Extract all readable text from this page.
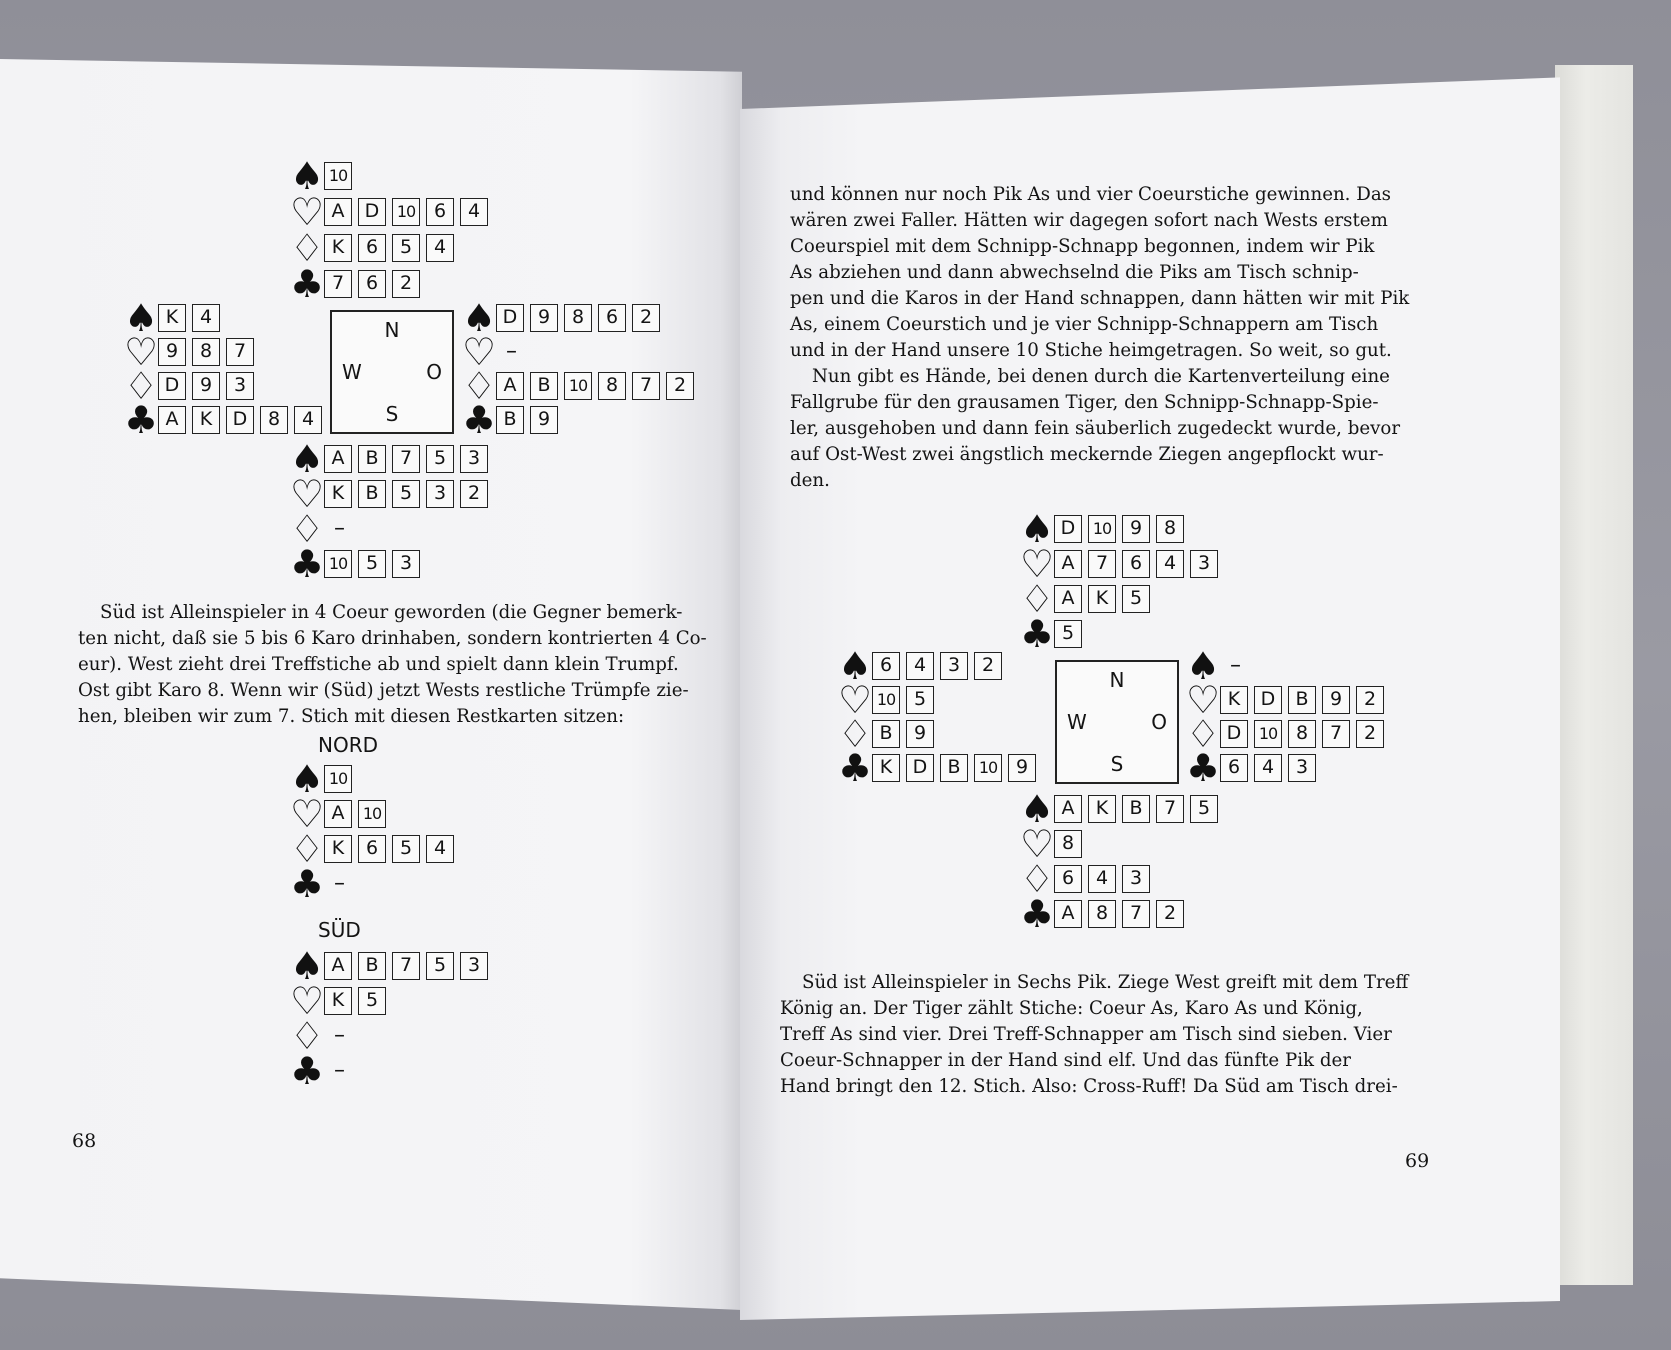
♠ 10
♡ A	D	10 6	4
♢ K	6	5	4
♣ 7	6	2
♠ K	4
♡ 9	8	7
♢ D	9	3
♣ A	K	D	8	4
♠ D	9	8	6	2
♡ –
♢ A	B	10 8	7	2
♣ B	9
♠ A	B	7	5	3
♡ K	B	5	3	2
♢ –
♣ 10 5	3
N
W	O
S

Süd ist Alleinspieler in 4 Coeur geworden (die Gegner bemerk-

ten nicht, daß sie 5 bis 6 Karo drinhaben, sondern kontrierten 4 Co-

eur). West zieht drei Treffstiche ab und spielt dann klein Trumpf.

Ost gibt Karo 8. Wenn wir (Süd) jetzt Wests restliche Trümpfe zie-

hen, bleiben wir zum 7. Stich mit diesen Restkarten sitzen:

NORD
SÜD
♠ 10
♡ A	10
♢ K	6	5	4
♣ –
♠ A	B	7	5	3
♡ K	5
♢ –
♣ –
68

und können nur noch Pik As und vier Coeurstiche gewinnen. Das

wären zwei Faller. Hätten wir dagegen sofort nach Wests erstem

Coeurspiel mit dem Schnipp-Schnapp begonnen, indem wir Pik

As abziehen und dann abwechselnd die Piks am Tisch schnip-

pen und die Karos in der Hand schnappen, dann hätten wir mit Pik

As, einem Coeurstich und je vier Schnipp-Schnappern am Tisch

und in der Hand unsere 10 Stiche heimgetragen. So weit, so gut.

Nun gibt es Hände, bei denen durch die Kartenverteilung eine

Fallgrube für den grausamen Tiger, den Schnipp-Schnapp-Spie-

ler, ausgehoben und dann fein säuberlich zugedeckt wurde, bevor

auf Ost-West zwei ängstlich meckernde Ziegen angepflockt wur-

den.

♠ D	10 9	8
♡ A	7	6	4	3
♢ A	K	5
♣ 5
♠ 6	4	3	2
♡ 10 5
♢ B	9
♣ K	D	B	10 9
♠ –
♡ K	D	B	9	2
♢ D	10 8	7	2
♣ 6	4	3
♠ A	K	B	7	5
♡ 8
♢ 6	4	3
♣ A	8	7	2
N
W	O
S

Süd ist Alleinspieler in Sechs Pik. Ziege West greift mit dem Treff

König an. Der Tiger zählt Stiche: Coeur As, Karo As und König,

Treff As sind vier. Drei Treff-Schnapper am Tisch sind sieben. Vier

Coeur-Schnapper in der Hand sind elf. Und das fünfte Pik der

Hand bringt den 12. Stich. Also: Cross-Ruff! Da Süd am Tisch drei-

69
